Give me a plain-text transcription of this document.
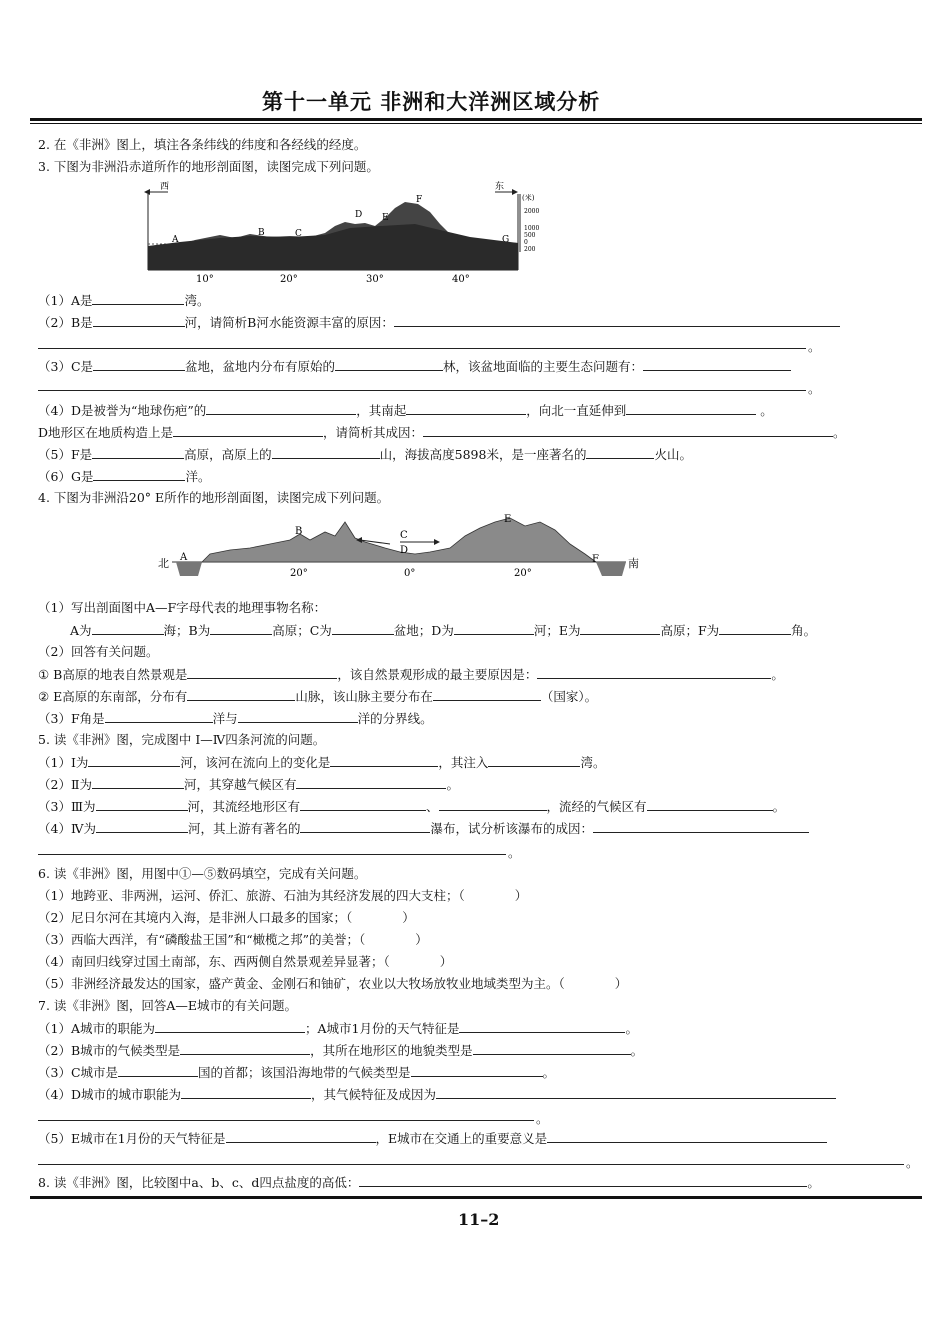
第十一单元 非洲和大洋洲区域分析
2. 在《非洲》图上，填注各条纬线的纬度和各经线的经度。
3. 下图为非洲沿赤道所作的地形剖面图，读图完成下列问题。
西	东
(米)
2000
1000
500
0
200
A
B	C
D E
F
G
10°	20°	30°	40°
（1）A是	湾。
（2）B是	河，请简析B河水能资源丰富的原因：
。
（3）C是	盆地，盆地内分布有原始的	林，该盆地面临的主要生态问题有：
。
（4）D是被誉为“地球伤疤”的	，其南起	，向北一直延伸到	。
D地形区在地质构造上是	，请简析其成因：	。
（5）F是	高原，高原上的	山，海拔高度5898米，是一座著名的	火山。
（6）G是	洋。
4. 下图为非洲沿20° E所作的地形剖面图，读图完成下列问题。
北	南
A
B	C
D
E
F
20°	0°	20°
（1）写出剖面图中A—F字母代表的地理事物名称：
A为	海；B为	高原；C为	盆地；D为	河；E为	高原；F为	角。
（2）回答有关问题。
① B高原的地表自然景观是	，该自然景观形成的最主要原因是：	。
② E高原的东南部，分布有	山脉，该山脉主要分布在	（国家）。
（3）F角是	洋与	洋的分界线。
5. 读《非洲》图，完成图中 Ⅰ—Ⅳ四条河流的问题。
（1）Ⅰ为	河，该河在流向上的变化是	，其注入	湾。
（2）Ⅱ为	河，其穿越气候区有	。
（3）Ⅲ为	河，其流经地形区有	、	，流经的气候区有	。
（4）Ⅳ为	河，其上游有著名的	瀑布，试分析该瀑布的成因：
。
6. 读《非洲》图，用图中①—⑤数码填空，完成有关问题。
（1）地跨亚、非两洲，运河、侨汇、旅游、石油为其经济发展的四大支柱；（　　　　）
（2）尼日尔河在其境内入海，是非洲人口最多的国家；（　　　　）
（3）西临大西洋，有“磷酸盐王国”和“橄榄之邦”的美誉；（　　　　）
（4）南回归线穿过国土南部，东、西两侧自然景观差异显著；（　　　　）
（5）非洲经济最发达的国家，盛产黄金、金刚石和铀矿，农业以大牧场放牧业地域类型为主。（　　　　）
7. 读《非洲》图，回答A—E城市的有关问题。
（1）A城市的职能为	；A城市1月份的天气特征是	。
（2）B城市的气候类型是	，其所在地形区的地貌类型是	。
（3）C城市是	国的首都；该国沿海地带的气候类型是	。
（4）D城市的城市职能为	，其气候特征及成因为
。
（5）E城市在1月份的天气特征是	，E城市在交通上的重要意义是
。
8. 读《非洲》图，比较图中a、b、c、d四点盐度的高低：	。
11–2
